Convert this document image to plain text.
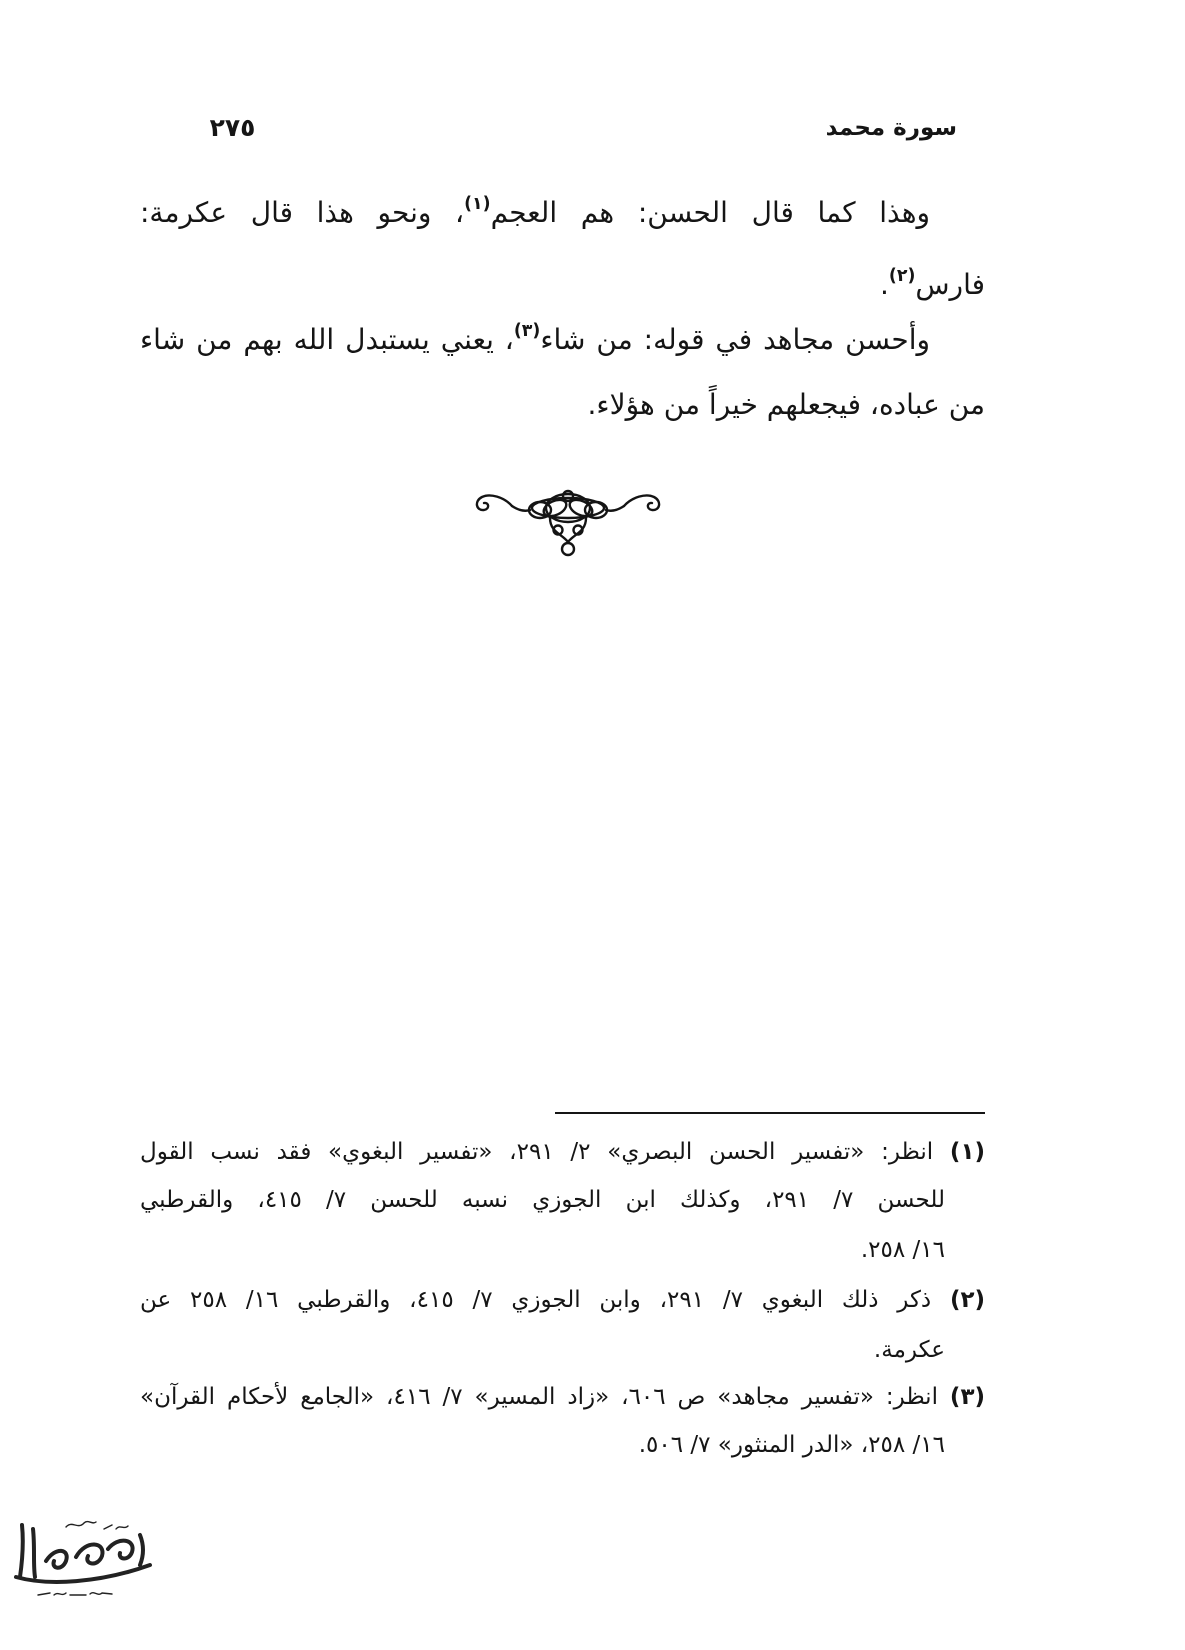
سورة محمد
٢٧٥
وهذا كما قال الحسن: هم العجم$^{(١)}$، ونحو هذا قال عكرمة:
فارس$^{(٢)}$.
وأحسن مجاهد في قوله: من شاء$^{(٣)}$، يعني يستبدل الله بهم من شاء
من عباده، فيجعلهم خيراً من هؤلاء.
(١) انظر: «تفسير الحسن البصري» ٢/ ٢٩١، «تفسير البغوي» فقد نسب القول
للحسن ٧/ ٢٩١، وكذلك ابن الجوزي نسبه للحسن ٧/ ٤١٥، والقرطبي
١٦/ ٢٥٨.
(٢) ذكر ذلك البغوي ٧/ ٢٩١، وابن الجوزي ٧/ ٤١٥، والقرطبي ١٦/ ٢٥٨ عن
عكرمة.
(٣) انظر: «تفسير مجاهد» ص ٦٠٦، «زاد المسير» ٧/ ٤١٦، «الجامع لأحكام القرآن»
١٦/ ٢٥٨، «الدر المنثور» ٧/ ٥٠٦.
